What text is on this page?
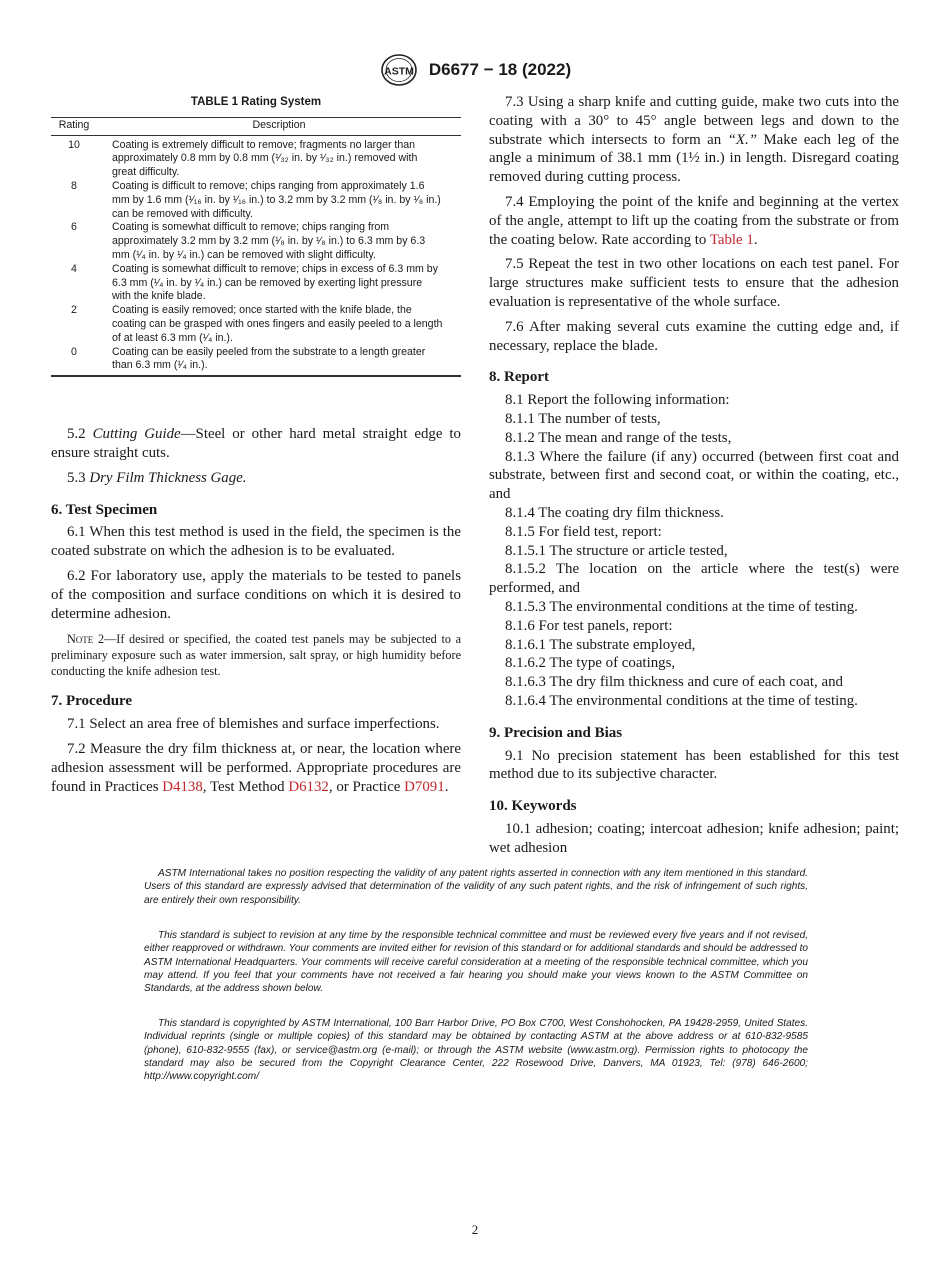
ASTM D6677 − 18 (2022)
TABLE 1 Rating System
Rating	Description
10	Coating is extremely difficult to remove; fragments no larger than approximately 0.8 mm by 0.8 mm (¹⁄₃₂ in. by ¹⁄₃₂ in.) removed with great difficulty.
8	Coating is difficult to remove; chips ranging from approximately 1.6 mm by 1.6 mm (¹⁄₁₆ in. by ¹⁄₁₆ in.) to 3.2 mm by 3.2 mm (¹⁄₈ in. by ¹⁄₈ in.) can be removed with difficulty.
6	Coating is somewhat difficult to remove; chips ranging from approximately 3.2 mm by 3.2 mm (¹⁄₈ in. by ¹⁄₈ in.) to 6.3 mm by 6.3 mm (¹⁄₄ in. by ¹⁄₄ in.) can be removed with slight difficulty.
4	Coating is somewhat difficult to remove; chips in excess of 6.3 mm by 6.3 mm (¹⁄₄ in. by ¹⁄₄ in.) can be removed by exerting light pressure with the knife blade.
2	Coating is easily removed; once started with the knife blade, the coating can be grasped with ones fingers and easily peeled to a length of at least 6.3 mm (¹⁄₄ in.).
0	Coating can be easily peeled from the substrate to a length greater than 6.3 mm (¹⁄₄ in.).

5.2 Cutting Guide—Steel or other hard metal straight edge to ensure straight cuts.

5.3 Dry Film Thickness Gage.

6. Test Specimen

6.1 When this test method is used in the field, the specimen is the coated substrate on which the adhesion is to be evaluated.

6.2 For laboratory use, apply the materials to be tested to panels of the composition and surface conditions on which it is desired to determine adhesion.

Note 2—If desired or specified, the coated test panels may be subjected to a preliminary exposure such as water immersion, salt spray, or high humidity before conducting the knife adhesion test.

7. Procedure

7.1 Select an area free of blemishes and surface imperfections.

7.2 Measure the dry film thickness at, or near, the location where adhesion assessment will be performed. Appropriate procedures are found in Practices D4138, Test Method D6132, or Practice D7091.

7.3 Using a sharp knife and cutting guide, make two cuts into the coating with a 30° to 45° angle between legs and down to the substrate which intersects to form an “X.” Make each leg of the angle a minimum of 38.1 mm (1½ in.) in length. Disregard coating removed during cutting process.

7.4 Employing the point of the knife and beginning at the vertex of the angle, attempt to lift up the coating from the substrate or from the coating below. Rate according to Table 1.

7.5 Repeat the test in two other locations on each test panel. For large structures make sufficient tests to ensure that the adhesion evaluation is representative of the whole surface.

7.6 After making several cuts examine the cutting edge and, if necessary, replace the blade.

8. Report

8.1 Report the following information:

8.1.1 The number of tests,

8.1.2 The mean and range of the tests,

8.1.3 Where the failure (if any) occurred (between first coat and substrate, between first and second coat, or within the coating, etc., and

8.1.4 The coating dry film thickness.

8.1.5 For field test, report:

8.1.5.1 The structure or article tested,

8.1.5.2 The location on the article where the test(s) were performed, and

8.1.5.3 The environmental conditions at the time of testing.

8.1.6 For test panels, report:

8.1.6.1 The substrate employed,

8.1.6.2 The type of coatings,

8.1.6.3 The dry film thickness and cure of each coat, and

8.1.6.4 The environmental conditions at the time of testing.

9. Precision and Bias

9.1 No precision statement has been established for this test method due to its subjective character.

10. Keywords

10.1 adhesion; coating; intercoat adhesion; knife adhesion; paint; wet adhesion

ASTM International takes no position respecting the validity of any patent rights asserted in connection with any item mentioned in this standard. Users of this standard are expressly advised that determination of the validity of any such patent rights, and the risk of infringement of such rights, are entirely their own responsibility.

This standard is subject to revision at any time by the responsible technical committee and must be reviewed every five years and if not revised, either reapproved or withdrawn. Your comments are invited either for revision of this standard or for additional standards and should be addressed to ASTM International Headquarters. Your comments will receive careful consideration at a meeting of the responsible technical committee, which you may attend. If you feel that your comments have not received a fair hearing you should make your views known to the ASTM Committee on Standards, at the address shown below.

This standard is copyrighted by ASTM International, 100 Barr Harbor Drive, PO Box C700, West Conshohocken, PA 19428-2959, United States. Individual reprints (single or multiple copies) of this standard may be obtained by contacting ASTM at the above address or at 610-832-9585 (phone), 610-832-9555 (fax), or service@astm.org (e-mail); or through the ASTM website (www.astm.org). Permission rights to photocopy the standard may also be secured from the Copyright Clearance Center, 222 Rosewood Drive, Danvers, MA 01923, Tel: (978) 646-2600; http://www.copyright.com/

2
